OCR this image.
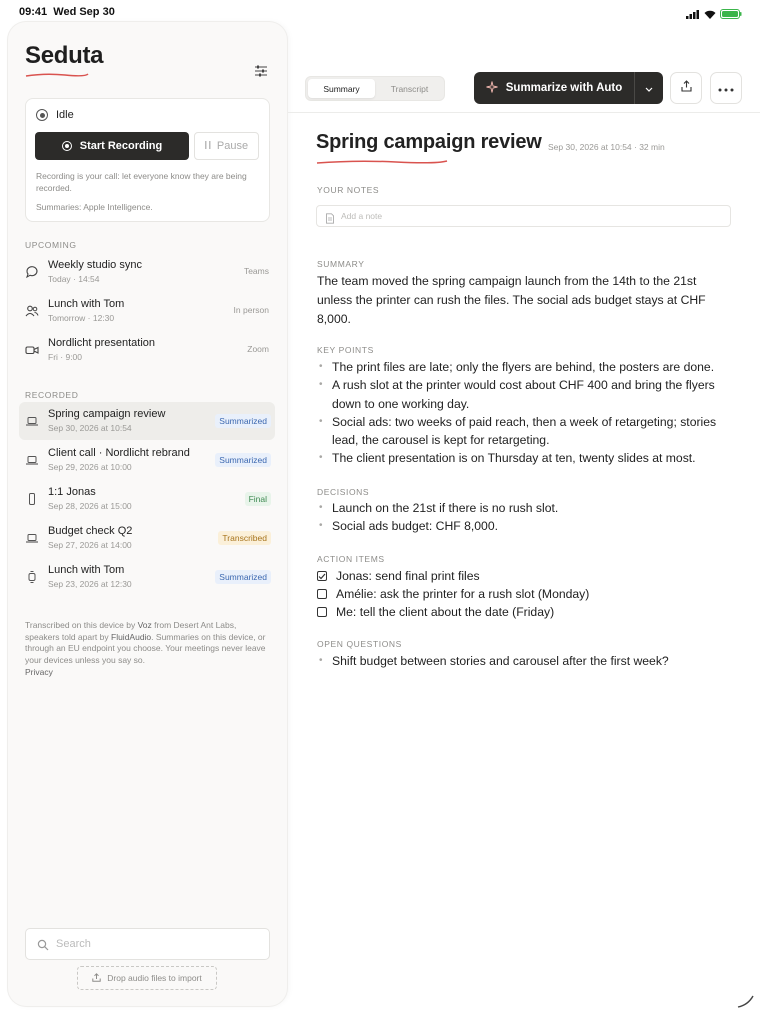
09:41 Wed Sep 30
Seduta
Idle
Start Recording	Pause
Recording is your call: let everyone know they are being recorded.
Summaries: Apple Intelligence.
UPCOMING
Weekly studio sync
Today · 14:54
Teams
Lunch with Tom
Tomorrow · 12:30
In person
Nordlicht presentation
Fri · 9:00
Zoom
RECORDED
Spring campaign review
Sep 30, 2026 at 10:54
Summarized
Client call · Nordlicht rebrand
Sep 29, 2026 at 10:00
Summarized
1:1 Jonas
Sep 28, 2026 at 15:00
Final
Budget check Q2
Sep 27, 2026 at 14:00
Transcribed
Lunch with Tom
Sep 23, 2026 at 12:30
Summarized
Transcribed on this device by Voz from Desert Ant Labs, speakers told apart by FluidAudio. Summaries on this device, or through an EU endpoint you choose. Your meetings never leave your devices unless you say so.
Privacy
Search
Drop audio files to import
Summary	Transcript	Summarize with Auto
Spring campaign review Sep 30, 2026 at 10:54 · 32 min
YOUR NOTES
Add a note
SUMMARY
The team moved the spring campaign launch from the 14th to the 21st unless the printer can rush the files. The social ads budget stays at CHF 8,000.
KEY POINTS
• The print files are late; only the flyers are behind, the posters are done.
• A rush slot at the printer would cost about CHF 400 and bring the flyers down to one working day.
• Social ads: two weeks of paid reach, then a week of retargeting; stories lead, the carousel is kept for retargeting.
• The client presentation is on Thursday at ten, twenty slides at most.
DECISIONS
• Launch on the 21st if there is no rush slot.
• Social ads budget: CHF 8,000.
ACTION ITEMS
Jonas: send final print files
Amélie: ask the printer for a rush slot (Monday)
Me: tell the client about the date (Friday)
OPEN QUESTIONS
• Shift budget between stories and carousel after the first week?
